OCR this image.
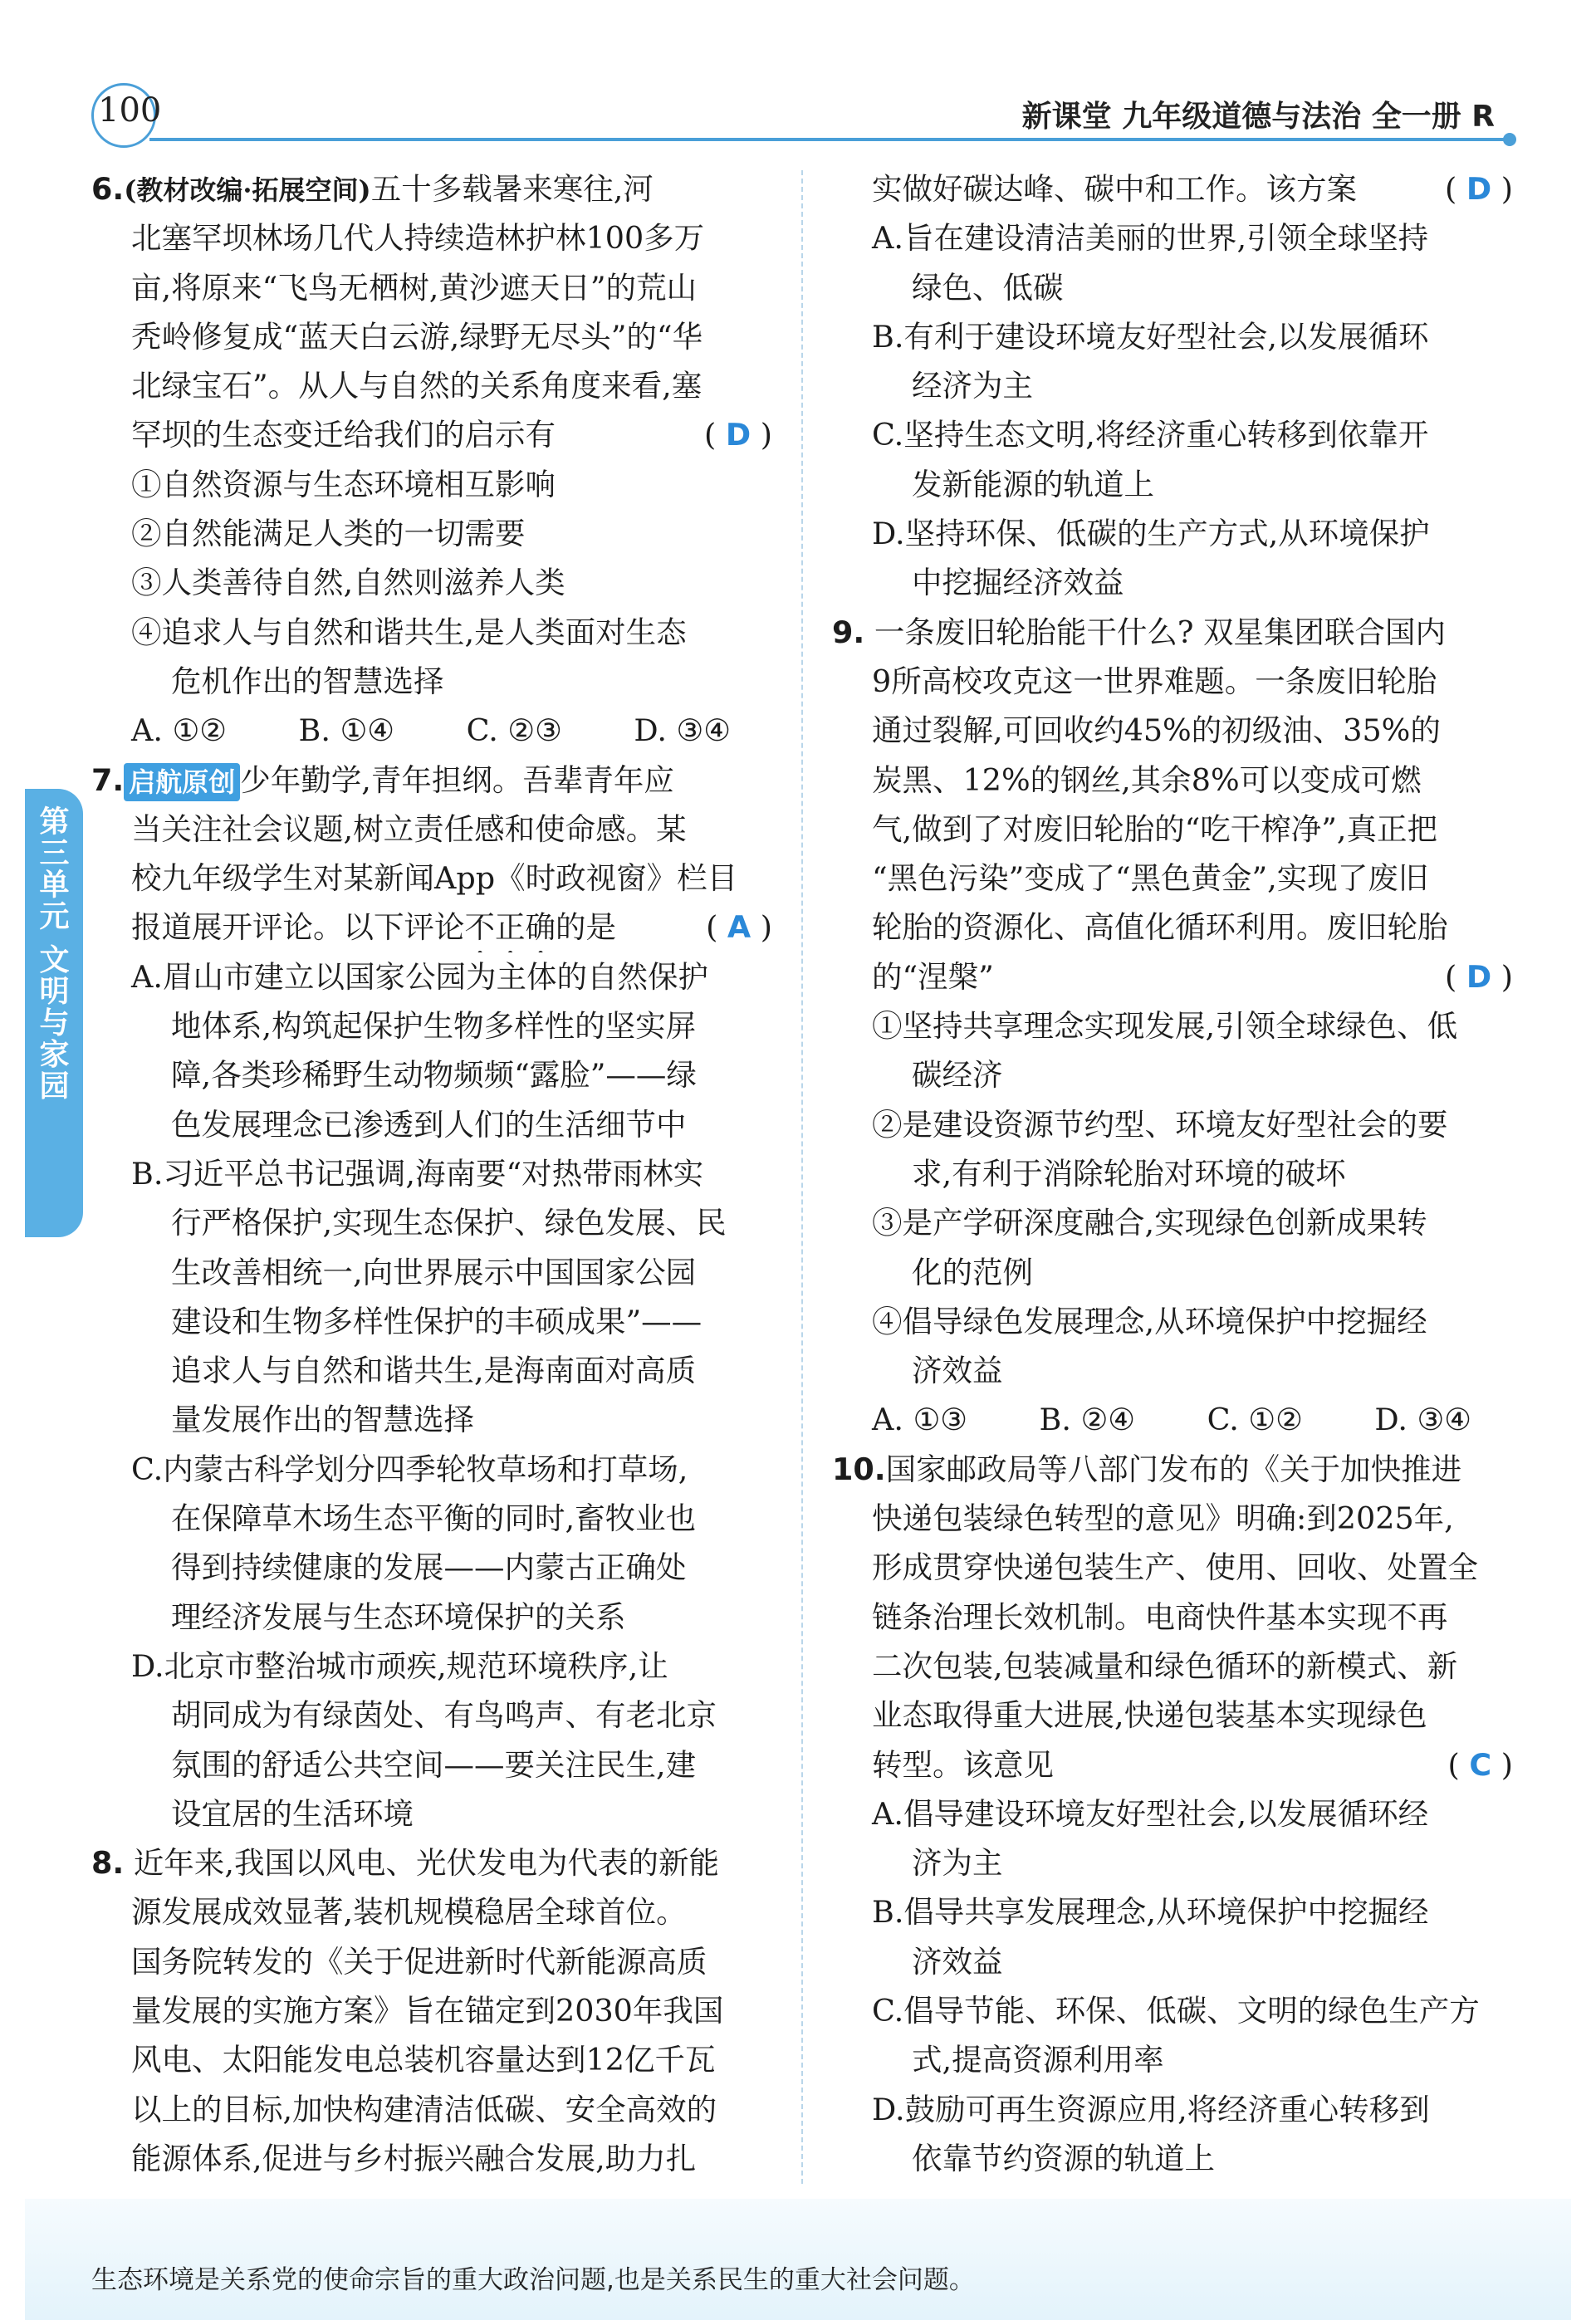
100	新课堂 九年级道德与法治 全一册 R
第三单元 文明与家园
6.(教材改编·拓展空间)五十多载暑来寒往,河
北塞罕坝林场几代人持续造林护林100多万
亩,将原来“飞鸟无栖树,黄沙遮天日”的荒山
秃岭修复成“蓝天白云游,绿野无尽头”的“华
北绿宝石”。从人与自然的关系角度来看,塞
罕坝的生态变迁给我们的启示有	( D )
①自然资源与生态环境相互影响
②自然能满足人类的一切需要
③人类善待自然,自然则滋养人类
④追求人与自然和谐共生,是人类面对生态
危机作出的智慧选择
A. ①② B. ①④ C. ②③ D. ③④
7. 启航原创 少年勤学,青年担纲。吾辈青年应
当关注社会议题,树立责任感和使命感。某
校九年级学生对某新闻App《时政视窗》栏目
报道展开评论。以下评论不正确的是	( A )
A.眉山市建立以国家公园为主体的自然保护
地体系,构筑起保护生物多样性的坚实屏
障,各类珍稀野生动物频频“露脸”——绿
色发展理念已渗透到人们的生活细节中
B.习近平总书记强调,海南要“对热带雨林实
行严格保护,实现生态保护、绿色发展、民
生改善相统一,向世界展示中国国家公园
建设和生物多样性保护的丰硕成果”——
追求人与自然和谐共生,是海南面对高质
量发展作出的智慧选择
C.内蒙古科学划分四季轮牧草场和打草场,
在保障草木场生态平衡的同时,畜牧业也
得到持续健康的发展——内蒙古正确处
理经济发展与生态环境保护的关系
D.北京市整治城市顽疾,规范环境秩序,让
胡同成为有绿茵处、有鸟鸣声、有老北京
氛围的舒适公共空间——要关注民生,建
设宜居的生活环境
8. 近年来,我国以风电、光伏发电为代表的新能
源发展成效显著,装机规模稳居全球首位。
国务院转发的《关于促进新时代新能源高质
量发展的实施方案》旨在锚定到2030年我国
风电、太阳能发电总装机容量达到12亿千瓦
以上的目标,加快构建清洁低碳、安全高效的
能源体系,促进与乡村振兴融合发展,助力扎
实做好碳达峰、碳中和工作。该方案	( D )
A.旨在建设清洁美丽的世界,引领全球坚持
绿色、低碳
B.有利于建设环境友好型社会,以发展循环
经济为主
C.坚持生态文明,将经济重心转移到依靠开
发新能源的轨道上
D.坚持环保、低碳的生产方式,从环境保护
中挖掘经济效益
9. 一条废旧轮胎能干什么? 双星集团联合国内
9所高校攻克这一世界难题。一条废旧轮胎
通过裂解,可回收约45%的初级油、35%的
炭黑、12%的钢丝,其余8%可以变成可燃
气,做到了对废旧轮胎的“吃干榨净”,真正把
“黑色污染”变成了“黑色黄金”,实现了废旧
轮胎的资源化、高值化循环利用。废旧轮胎
的“涅槃”	( D )
①坚持共享理念实现发展,引领全球绿色、低
碳经济
②是建设资源节约型、环境友好型社会的要
求,有利于消除轮胎对环境的破坏
③是产学研深度融合,实现绿色创新成果转
化的范例
④倡导绿色发展理念,从环境保护中挖掘经
济效益
A. ①③ B. ②④ C. ①② D. ③④
10.国家邮政局等八部门发布的《关于加快推进
快递包装绿色转型的意见》明确:到2025年,
形成贯穿快递包装生产、使用、回收、处置全
链条治理长效机制。电商快件基本实现不再
二次包装,包装减量和绿色循环的新模式、新
业态取得重大进展,快递包装基本实现绿色
转型。该意见	( C )
A.倡导建设环境友好型社会,以发展循环经
济为主
B.倡导共享发展理念,从环境保护中挖掘经
济效益
C.倡导节能、环保、低碳、文明的绿色生产方
式,提高资源利用率
D.鼓励可再生资源应用,将经济重心转移到
依靠节约资源的轨道上
生态环境是关系党的使命宗旨的重大政治问题,也是关系民生的重大社会问题。
